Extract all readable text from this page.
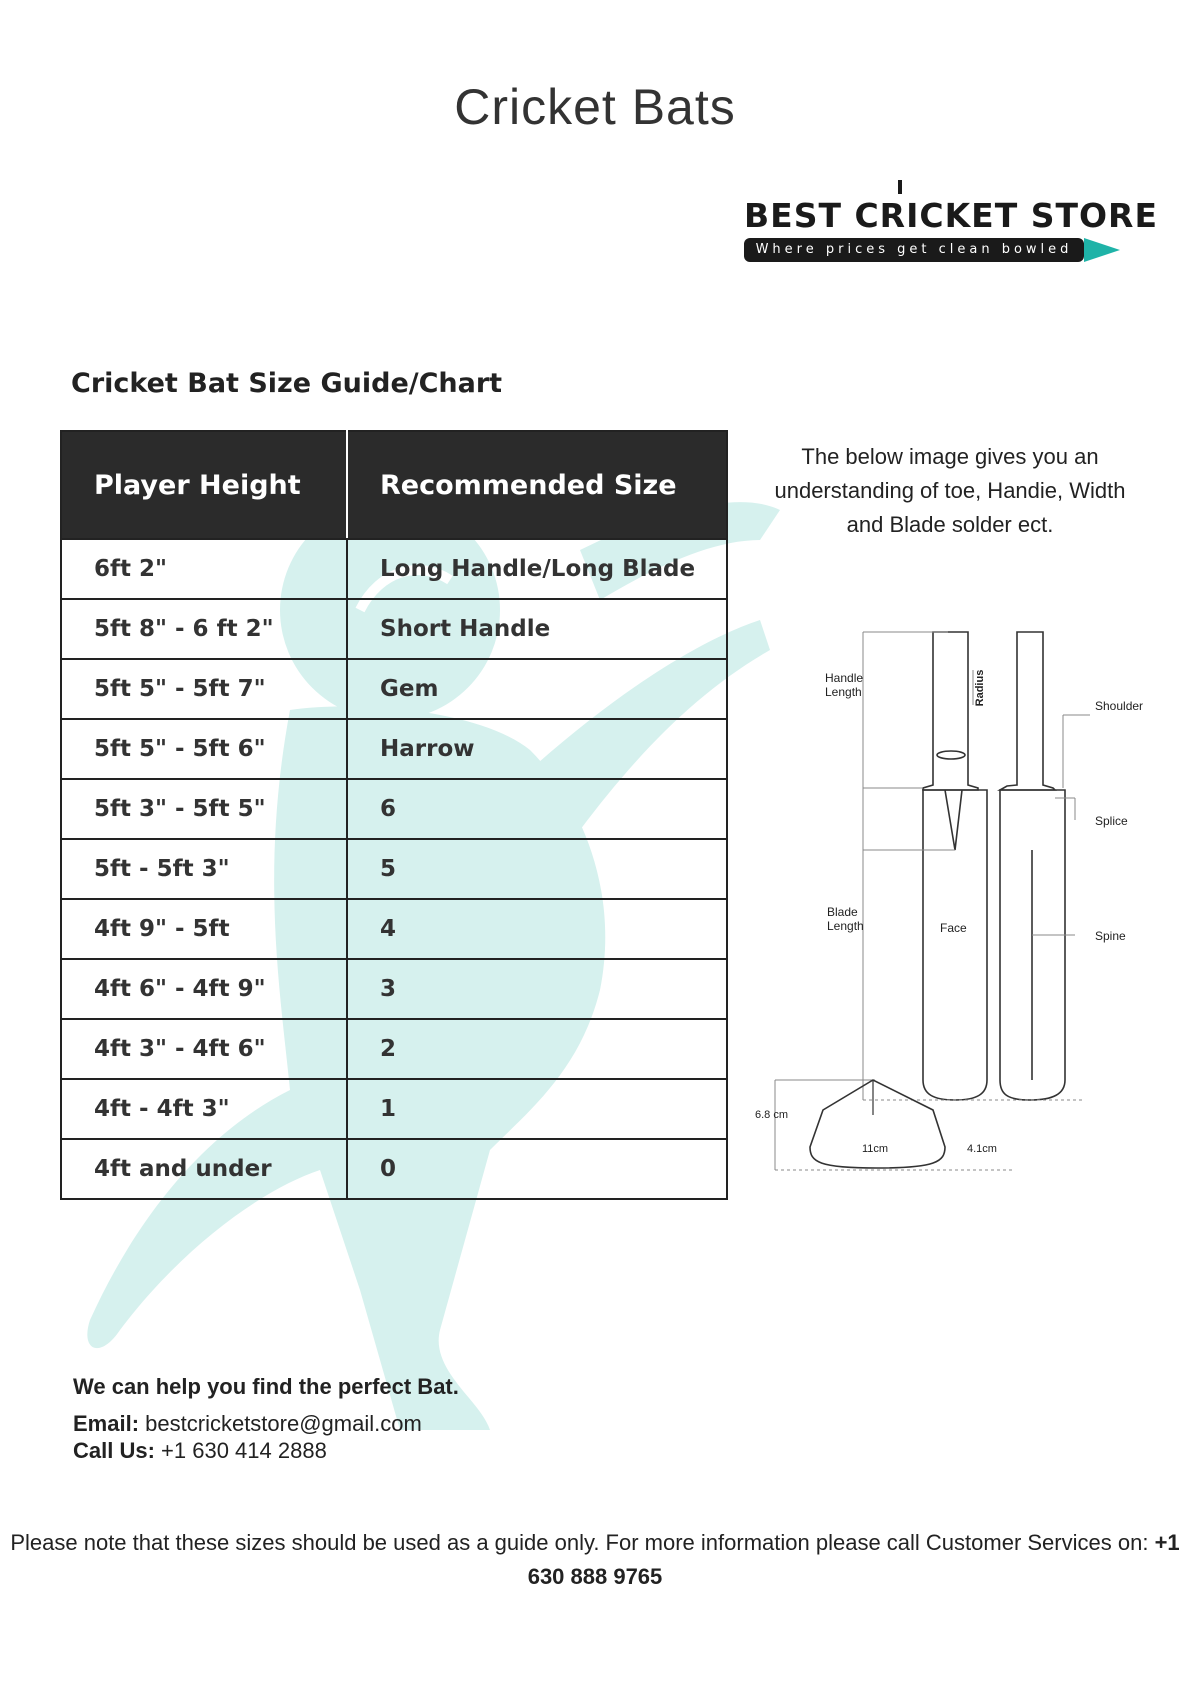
Cricket Bats
BEST CRICKET STORE
Where prices get clean bowled
Cricket Bat Size Guide/Chart
Player Height	Recommended Size
6ft 2"	Long Handle/Long Blade
5ft 8" - 6 ft 2"	Short Handle
5ft 5" - 5ft 7"	Gem
5ft 5" - 5ft 6"	Harrow
5ft 3" - 5ft 5"	6
5ft - 5ft 3"	5
4ft 9" - 5ft	4
4ft 6" - 4ft 9"	3
4ft 3" - 4ft 6"	2
4ft - 4ft 3"	1
4ft and under	0

The below image gives you an understanding of toe, Handie, Width and Blade solder ect.

Handle
Length	Radius	Shoulder
Splice
Blade
Length	Face
Spine
6.8 cm
11cm	4.1cm

We can help you find the perfect Bat.

Email: bestcricketstore@gmail.com

Call Us: +1 630 414 2888

Please note that these sizes should be used as a guide only. For more information please call Customer Services on: +1 630 888 9765
